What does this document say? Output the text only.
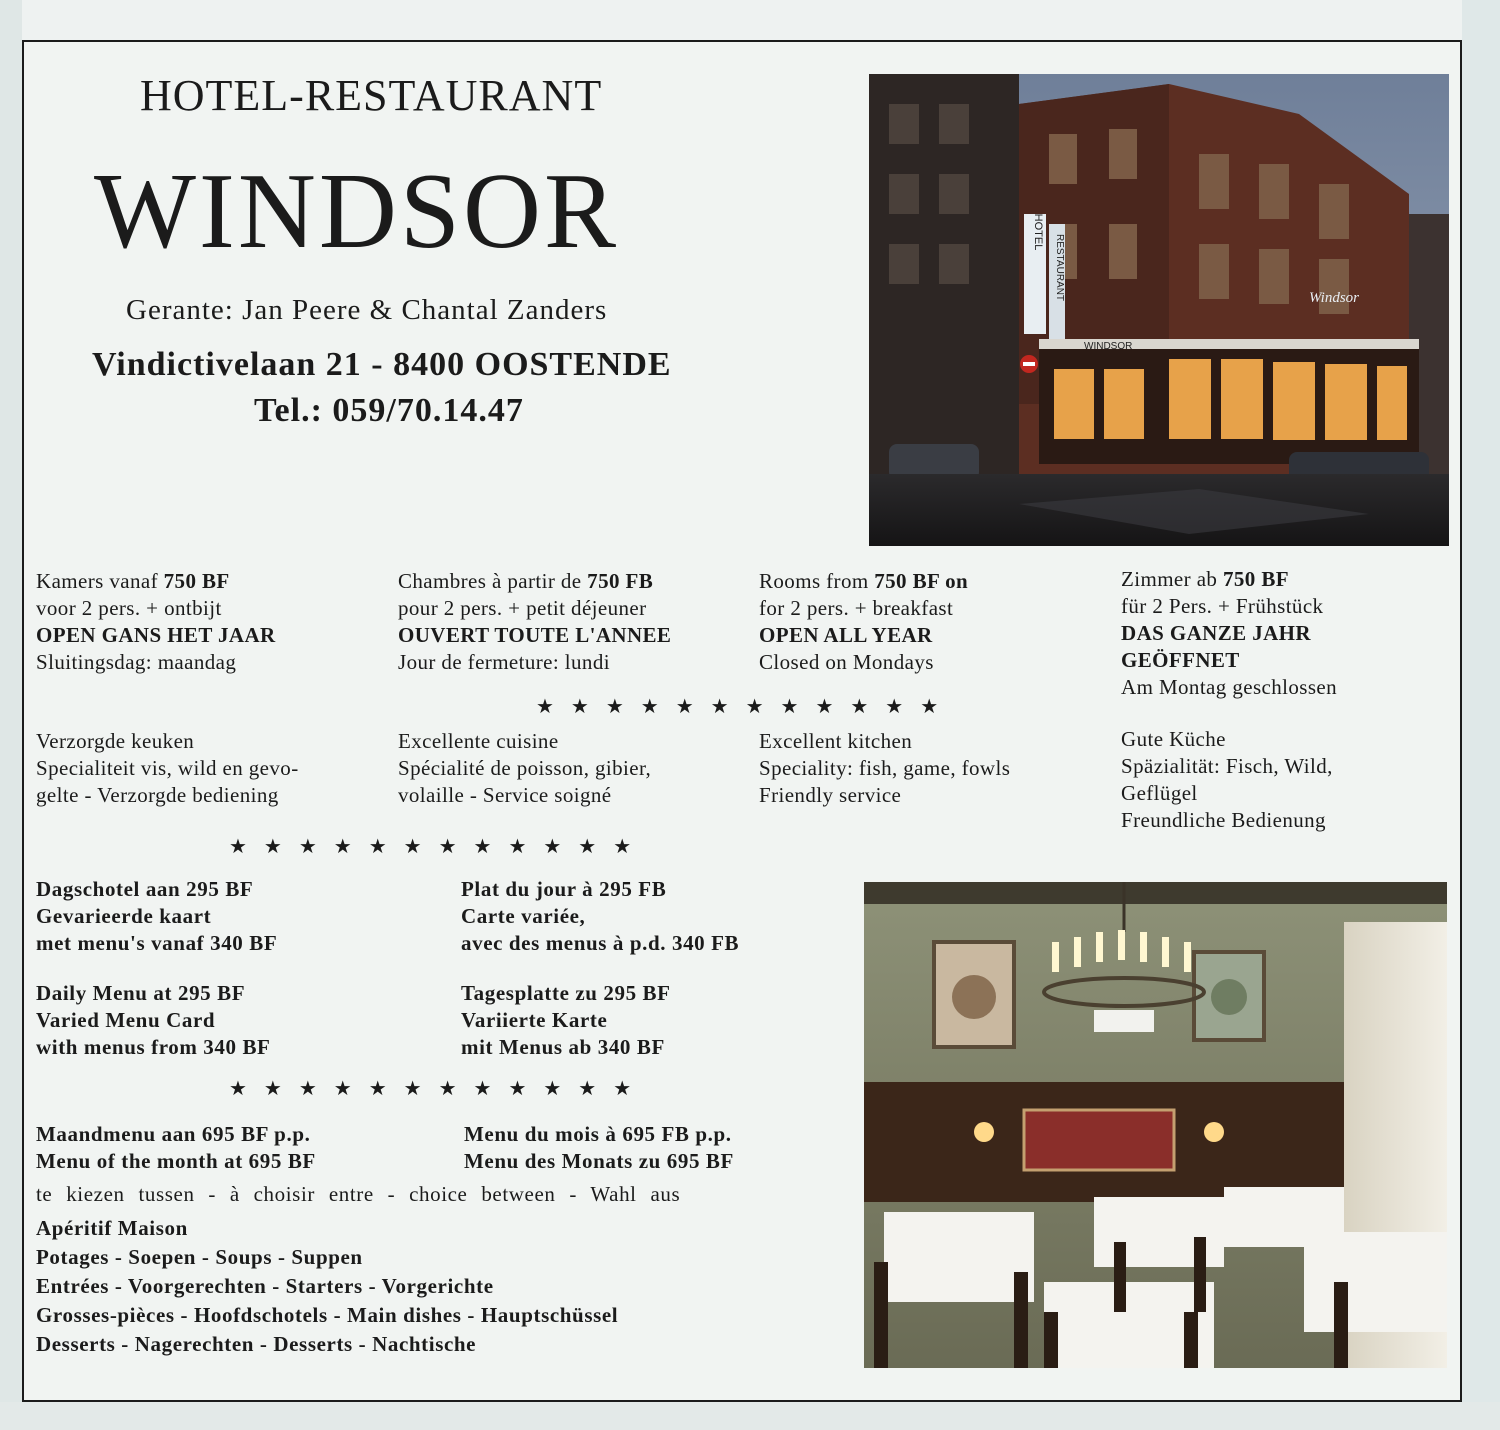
HOTEL-RESTAURANT
WINDSOR
Gerante: Jan Peere & Chantal Zanders
Vindictivelaan 21 - 8400 OOSTENDE
Tel.: 059/70.14.47
HOTEL
RESTAURANT
WINDSOR
Windsor
Kamers vanaf 750 BF
voor 2 pers. + ontbijt
OPEN GANS HET JAAR
Sluitingsdag: maandag
Chambres à partir de 750 FB
pour 2 pers. + petit déjeuner
OUVERT TOUTE L'ANNEE
Jour de fermeture: lundi
Rooms from 750 BF on
for 2 pers. + breakfast
OPEN ALL YEAR
Closed on Mondays
Zimmer ab 750 BF
für 2 Pers. + Frühstück
DAS GANZE JAHR
GEÖFFNET
Am Montag geschlossen
★★★★★★★★★★★★
Verzorgde keuken
Specialiteit vis, wild en gevo-
gelte - Verzorgde bediening
Excellente cuisine
Spécialité de poisson, gibier,
volaille - Service soigné
Excellent kitchen
Speciality: fish, game, fowls
Friendly service
Gute Küche
Späzialität: Fisch, Wild,
Geflügel
Freundliche Bedienung
★★★★★★★★★★★★
Dagschotel aan 295 BF
Gevarieerde kaart
met menu's vanaf 340 BF
Plat du jour à 295 FB
Carte variée,
avec des menus à p.d. 340 FB
Daily Menu at 295 BF
Varied Menu Card
with menus from 340 BF
Tagesplatte zu 295 BF
Variierte Karte
mit Menus ab 340 BF
★★★★★★★★★★★★
Maandmenu aan 695 BF p.p.
Menu of the month at 695 BF
Menu du mois à 695 FB p.p.
Menu des Monats zu 695 BF
te kiezen tussen - à choisir entre - choice between - Wahl aus
Apéritif Maison
Potages - Soepen - Soups - Suppen
Entrées - Voorgerechten - Starters - Vorgerichte
Grosses-pièces - Hoofdschotels - Main dishes - Hauptschüssel
Desserts - Nagerechten - Desserts - Nachtische
